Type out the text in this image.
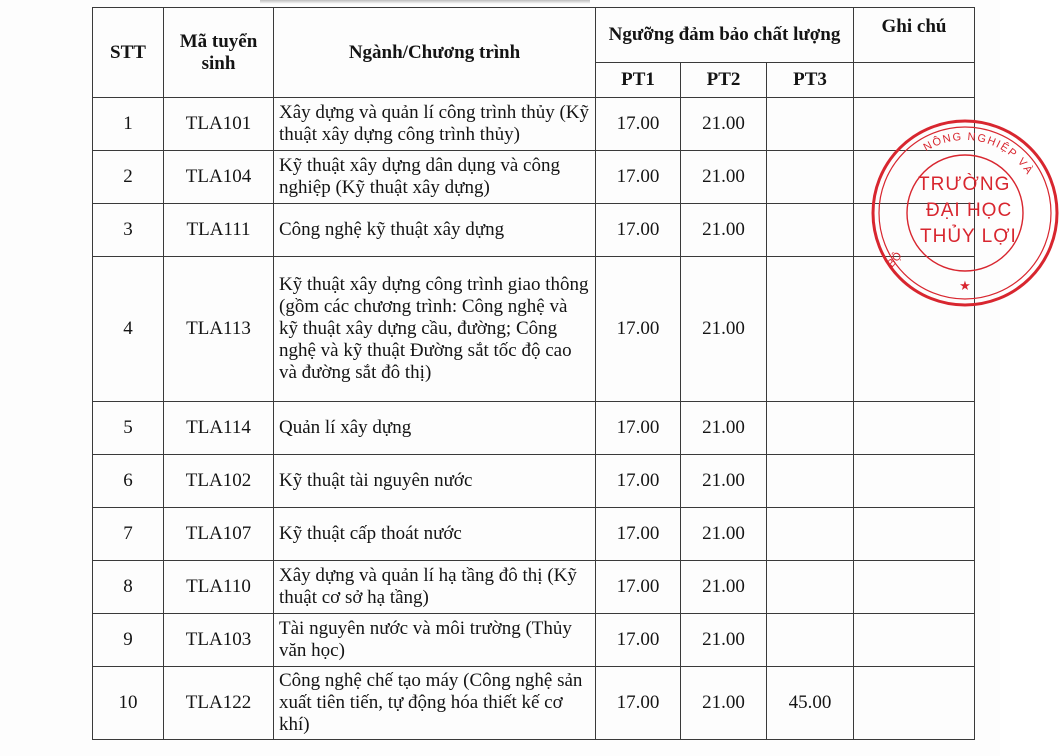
STT	Mã tuyển sinh	Ngành/Chương trình	Ngưỡng đảm bảo chất lượng			Ghi chú
			PT1	PT2	PT3	
1	TLA101	Xây dựng và quản lí công trình thủy (Kỹ thuật xây dựng công trình thủy)	17.00	21.00		
2	TLA104	Kỹ thuật xây dựng dân dụng và công nghiệp (Kỹ thuật xây dựng)	17.00	21.00		
3	TLA111	Công nghệ kỹ thuật xây dựng	17.00	21.00		
4	TLA113	Kỹ thuật xây dựng công trình giao thông (gồm các chương trình: Công nghệ và kỹ thuật xây dựng cầu, đường; Công nghệ và kỹ thuật Đường sắt tốc độ cao và đường sắt đô thị)	17.00	21.00		
5	TLA114	Quản lí xây dựng	17.00	21.00		
6	TLA102	Kỹ thuật tài nguyên nước	17.00	21.00		
7	TLA107	Kỹ thuật cấp thoát nước	17.00	21.00		
8	TLA110	Xây dựng và quản lí hạ tầng đô thị (Kỹ thuật cơ sở hạ tầng)	17.00	21.00		
9	TLA103	Tài nguyên nước và môi trường (Thủy văn học)	17.00	21.00		
10	TLA122	Công nghệ chế tạo máy (Công nghệ sản xuất tiên tiến, tự động hóa thiết kế cơ khí)	17.00	21.00	45.00	
NÔNG NGHIỆP VÀ
BỘ
TRƯỜNG
ĐẠI HỌC
THỦY LỢI
★
